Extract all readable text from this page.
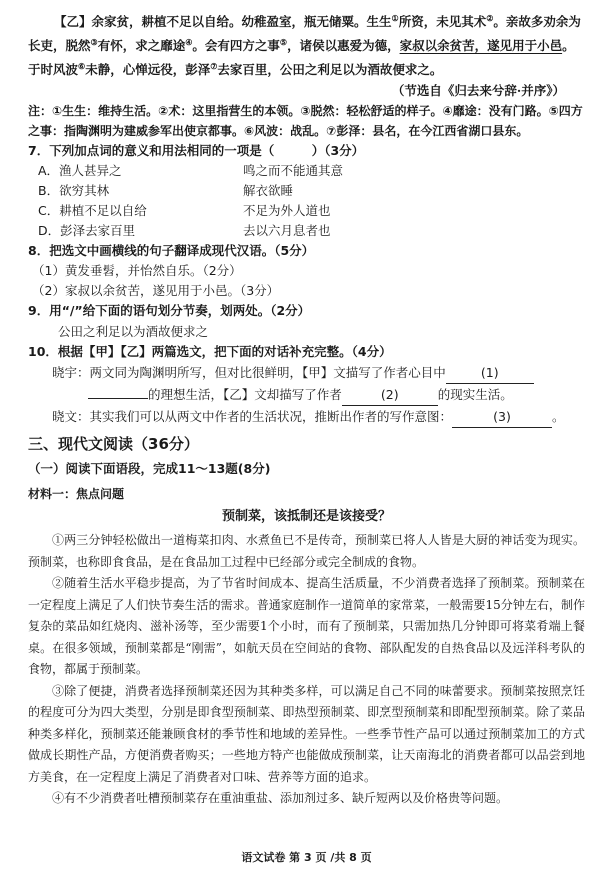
【乙】余家贫，耕植不足以自给。幼稚盈室，瓶无储粟。生生①所资，未见其术②。亲故多劝余为长吏，脱然③有怀，求之靡途④。会有四方之事⑤，诸侯以惠爱为德，家叔以余贫苦，遂见用于小邑。于时风波⑥未静，心惮远役，彭泽⑦去家百里，公田之利足以为酒故便求之。

（节选自《归去来兮辞·并序》）

注：①生生：维持生活。②术：这里指营生的本领。③脱然：轻松舒适的样子。④靡途：没有门路。⑤四方之事：指陶渊明为建威参军出使京都事。⑥风波：战乱。⑦彭泽：县名，在今江西省湖口县东。

7．下列加点词的意义和用法相同的一项是（　　　）（3分）

A．渔人甚异之	鸣之而不能通其意
B．欲穷其林	解衣欲睡
C．耕植不足以自给	不足为外人道也
D．彭泽去家百里	去以六月息者也

8．把选文中画横线的句子翻译成现代汉语。（5分）

（1）黄发垂髫，并怡然自乐。（2分）

（2）家叔以余贫苦，遂见用于小邑。（3分）

9．用“/”给下面的语句划分节奏，划两处。（2分）

公田之利足以为酒故便求之

10．根据【甲】【乙】两篇选文，把下面的对话补充完整。（4分）

晓宇：两文同为陶渊明所写，但对比很鲜明，【甲】文描写了作者心目中	(1)

的理想生活，【乙】文却描写了作者	(2)	的现实生活。

晓文：其实我们可以从两文中作者的生活状况，推断出作者的写作意图：	(3)	。

三、现代文阅读（36分）

（一）阅读下面语段，完成11～13题(8分)

材料一：焦点问题

预制菜，该抵制还是该接受？

①两三分钟轻松做出一道梅菜扣肉、水煮鱼已不是传奇，预制菜已将人人皆是大厨的神话变为现实。预制菜，也称即食食品，是在食品加工过程中已经部分或完全制成的食物。

②随着生活水平稳步提高，为了节省时间成本、提高生活质量，不少消费者选择了预制菜。预制菜在一定程度上满足了人们快节奏生活的需求。普通家庭制作一道简单的家常菜，一般需要15分钟左右，制作复杂的菜品如红烧肉、滋补汤等，至少需要1个小时，而有了预制菜，只需加热几分钟即可将菜肴端上餐桌。在很多领域，预制菜都是“刚需”，如航天员在空间站的食物、部队配发的自热食品以及远洋科考队的食物，都属于预制菜。

③除了便捷，消费者选择预制菜还因为其种类多样，可以满足自己不同的味蕾要求。预制菜按照烹饪的程度可分为四大类型，分别是即食型预制菜、即热型预制菜、即烹型预制菜和即配型预制菜。除了菜品种类多样化，预制菜还能兼顾食材的季节性和地域的差异性。一些季节性产品可以通过预制菜加工的方式做成长期性产品，方便消费者购买；一些地方特产也能做成预制菜，让天南海北的消费者都可以品尝到地方美食，在一定程度上满足了消费者对口味、营养等方面的追求。

④有不少消费者吐槽预制菜存在重油重盐、添加剂过多、缺斤短两以及价格贵等问题。

语文试卷 第 3 页 /共 8 页
